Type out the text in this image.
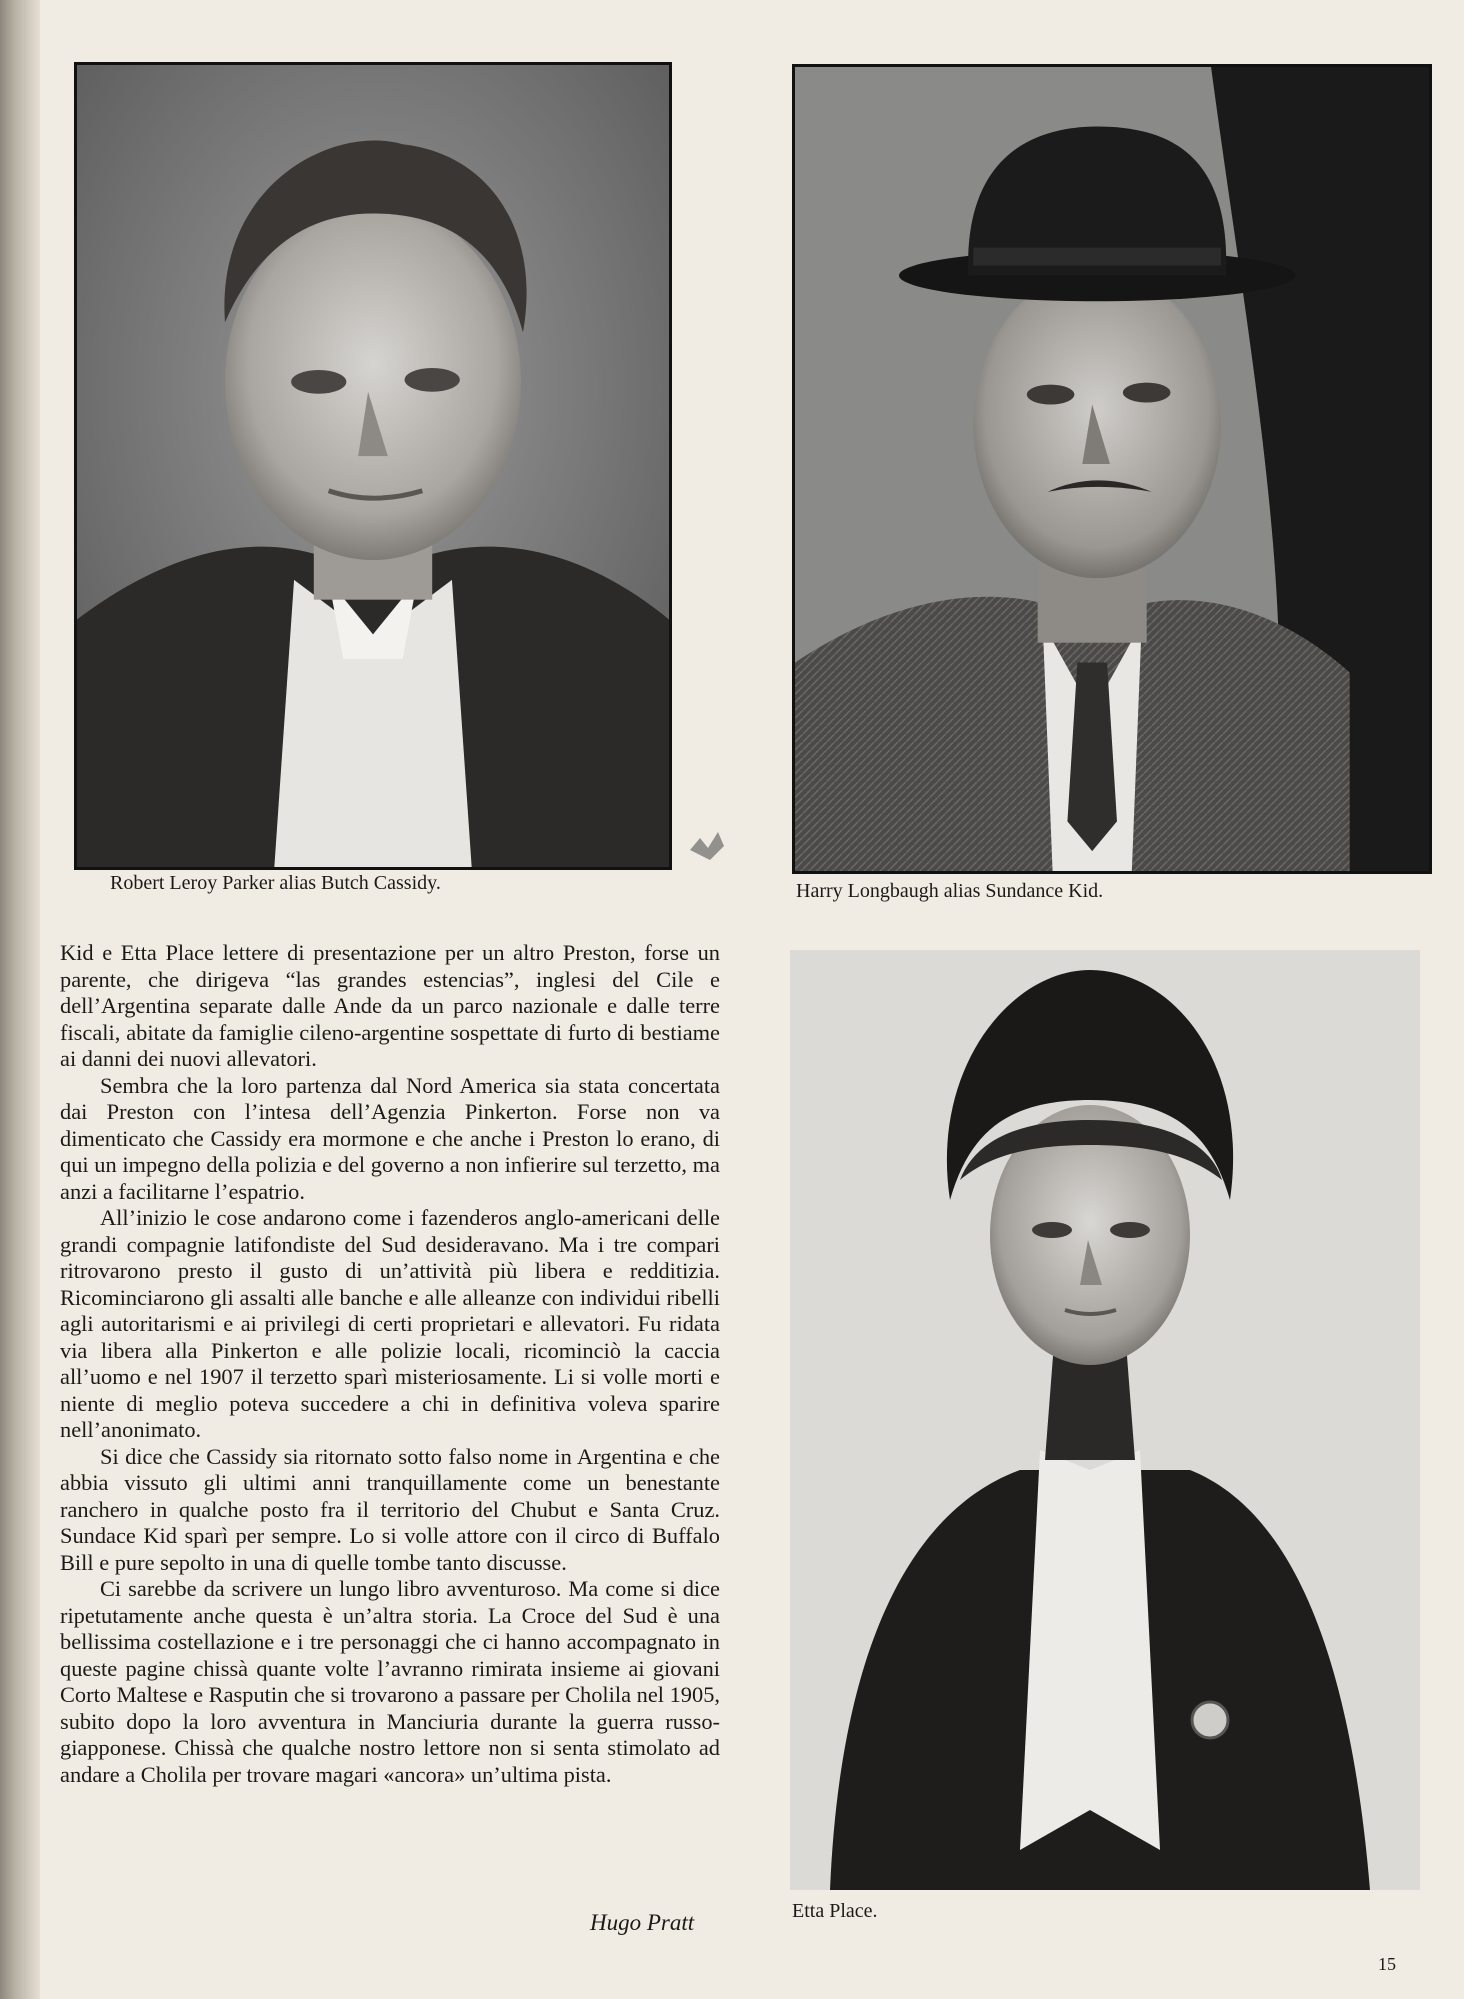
Robert Leroy Parker alias Butch Cassidy.	Harry Longbaugh alias Sundance Kid.
Etta Place.

Kid e Etta Place lettere di presentazione per un altro Preston, forse un parente, che dirigeva “las grandes estencias”, inglesi del Cile e dell’Argentina separate dalle Ande da un parco nazionale e dalle terre fiscali, abitate da famiglie cileno-argentine sospettate di furto di bestiame ai danni dei nuovi allevatori.

Sembra che la loro partenza dal Nord America sia stata concertata dai Preston con l’intesa dell’Agenzia Pinkerton. Forse non va dimenticato che Cassidy era mormone e che anche i Preston lo erano, di qui un impegno della polizia e del governo a non infierire sul terzetto, ma anzi a facilitarne l’espatrio.

All’inizio le cose andarono come i fazenderos anglo-americani delle grandi compagnie latifondiste del Sud desideravano. Ma i tre compari ritrovarono presto il gusto di un’attività più libera e redditizia. Ricominciarono gli assalti alle banche e alle alleanze con individui ribelli agli autoritarismi e ai privilegi di certi proprietari e allevatori. Fu ridata via libera alla Pinkerton e alle polizie locali, ricominciò la caccia all’uomo e nel 1907 il terzetto sparì misteriosamente. Li si volle morti e niente di meglio poteva succedere a chi in definitiva voleva sparire nell’anonimato.

Si dice che Cassidy sia ritornato sotto falso nome in Argentina e che abbia vissuto gli ultimi anni tranquillamente come un benestante ranchero in qualche posto fra il territorio del Chubut e Santa Cruz. Sundace Kid sparì per sempre. Lo si volle attore con il circo di Buffalo Bill e pure sepolto in una di quelle tombe tanto discusse.

Ci sarebbe da scrivere un lungo libro avventuroso. Ma come si dice ripetutamente anche questa è un’altra storia. La Croce del Sud è una bellissima costellazione e i tre personaggi che ci hanno accompagnato in queste pagine chissà quante volte l’avranno rimirata insieme ai giovani Corto Maltese e Rasputin che si trovarono a passare per Cholila nel 1905, subito dopo la loro avventura in Manciuria durante la guerra russo-giapponese. Chissà che qualche nostro lettore non si senta stimolato ad andare a Cholila per trovare magari «ancora» un’ultima pista.

Hugo Pratt
15
